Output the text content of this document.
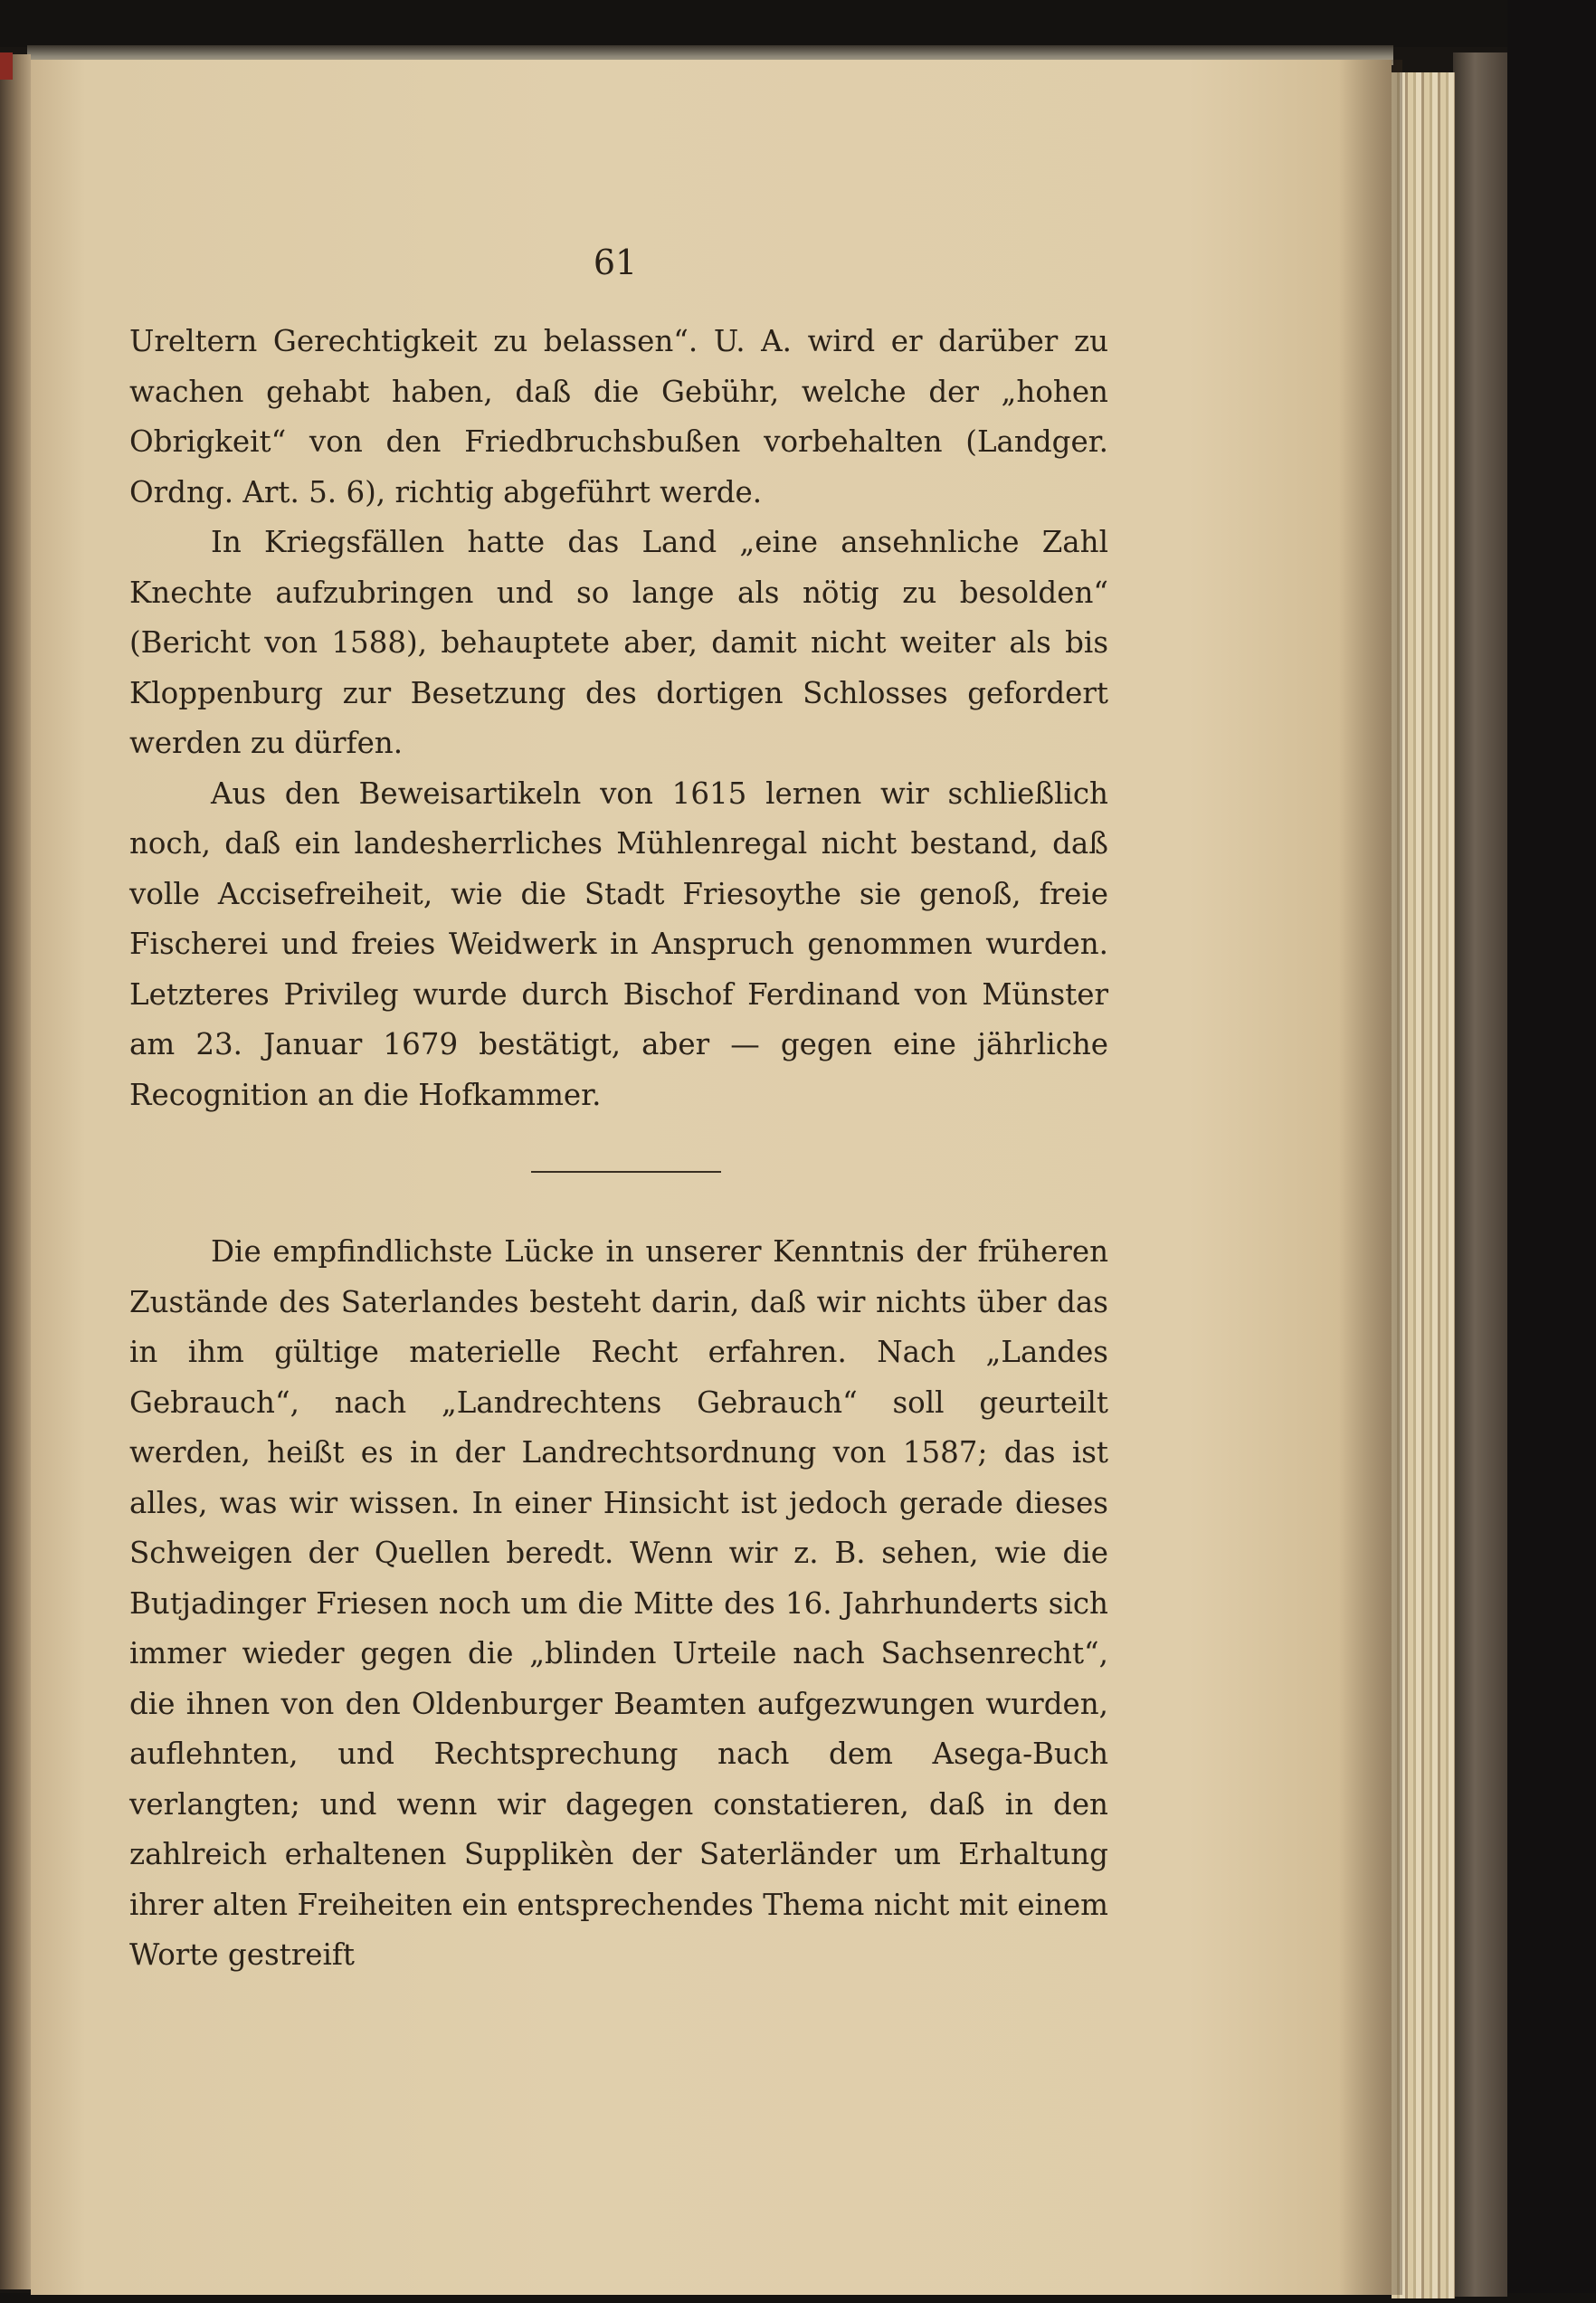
61

Ureltern Gerechtigkeit zu belassen“. U. A. wird er darüber zu wachen gehabt haben, daß die Gebühr, welche der „hohen Obrigkeit“ von den Friedbruchsbußen vorbehalten (Landger. Ordng. Art. 5. 6), richtig abgeführt werde.

In Kriegsfällen hatte das Land „eine ansehnliche Zahl Knechte aufzubringen und so lange als nötig zu besolden“ (Bericht von 1588), behauptete aber, damit nicht weiter als bis Kloppenburg zur Besetzung des dortigen Schlosses gefordert werden zu dürfen.

Aus den Beweisartikeln von 1615 lernen wir schließlich noch, daß ein landesherrliches Mühlenregal nicht bestand, daß volle Accisefreiheit, wie die Stadt Friesoythe sie genoß, freie Fischerei und freies Weidwerk in Anspruch genommen wurden. Letzteres Privileg wurde durch Bischof Ferdinand von Münster am 23. Januar 1679 bestätigt, aber — gegen eine jährliche Recognition an die Hofkammer.

Die empfindlichste Lücke in unserer Kenntnis der früheren Zustände des Saterlandes besteht darin, daß wir nichts über das in ihm gültige materielle Recht erfahren. Nach „Landes Gebrauch“, nach „Landrechtens Gebrauch“ soll geurteilt werden, heißt es in der Landrechtsordnung von 1587; das ist alles, was wir wissen. In einer Hinsicht ist jedoch gerade dieses Schweigen der Quellen beredt. Wenn wir z. B. sehen, wie die Butjadinger Friesen noch um die Mitte des 16. Jahrhunderts sich immer wieder gegen die „blinden Urteile nach Sachsenrecht“, die ihnen von den Oldenburger Beamten aufgezwungen wurden, auflehnten, und Rechtsprechung nach dem Asega-Buch verlangten; und wenn wir dagegen constatieren, daß in den zahlreich erhaltenen Supplikèn der Saterländer um Erhaltung ihrer alten Freiheiten ein entsprechendes Thema nicht mit einem Worte gestreift
